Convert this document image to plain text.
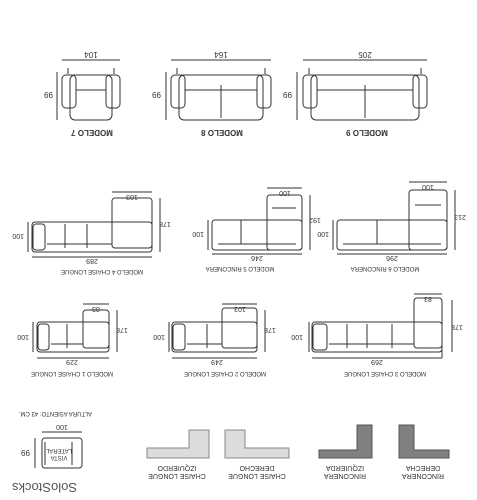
SoloStocks
RINCONERA
DERECHA
RINCONERA
IZQUIERDA
CHAISE LONGUE
DERECHO
CHAISE LONGUE
IZQUIERDO
VISTA
LATERAL
99
100
ALTURA ASIENTO: 43 CM.
MODELO 3 CHAISE LONGUE
269
178
100
83
MODELO 2 CHAISE LONGUE
249
178
100
103
MODELO 1 CHAISE LONGUE
229
178
100
83
MODELO 6 RINCONERA
296
213
100
100
MODELO 5 RINCONERA
246
192
100
100
MODELO 4 CHAISE LONGUE
289
178
100
103
MODELO 9
99
205
MODELO 8
99
164
MODELO 7
99
104
